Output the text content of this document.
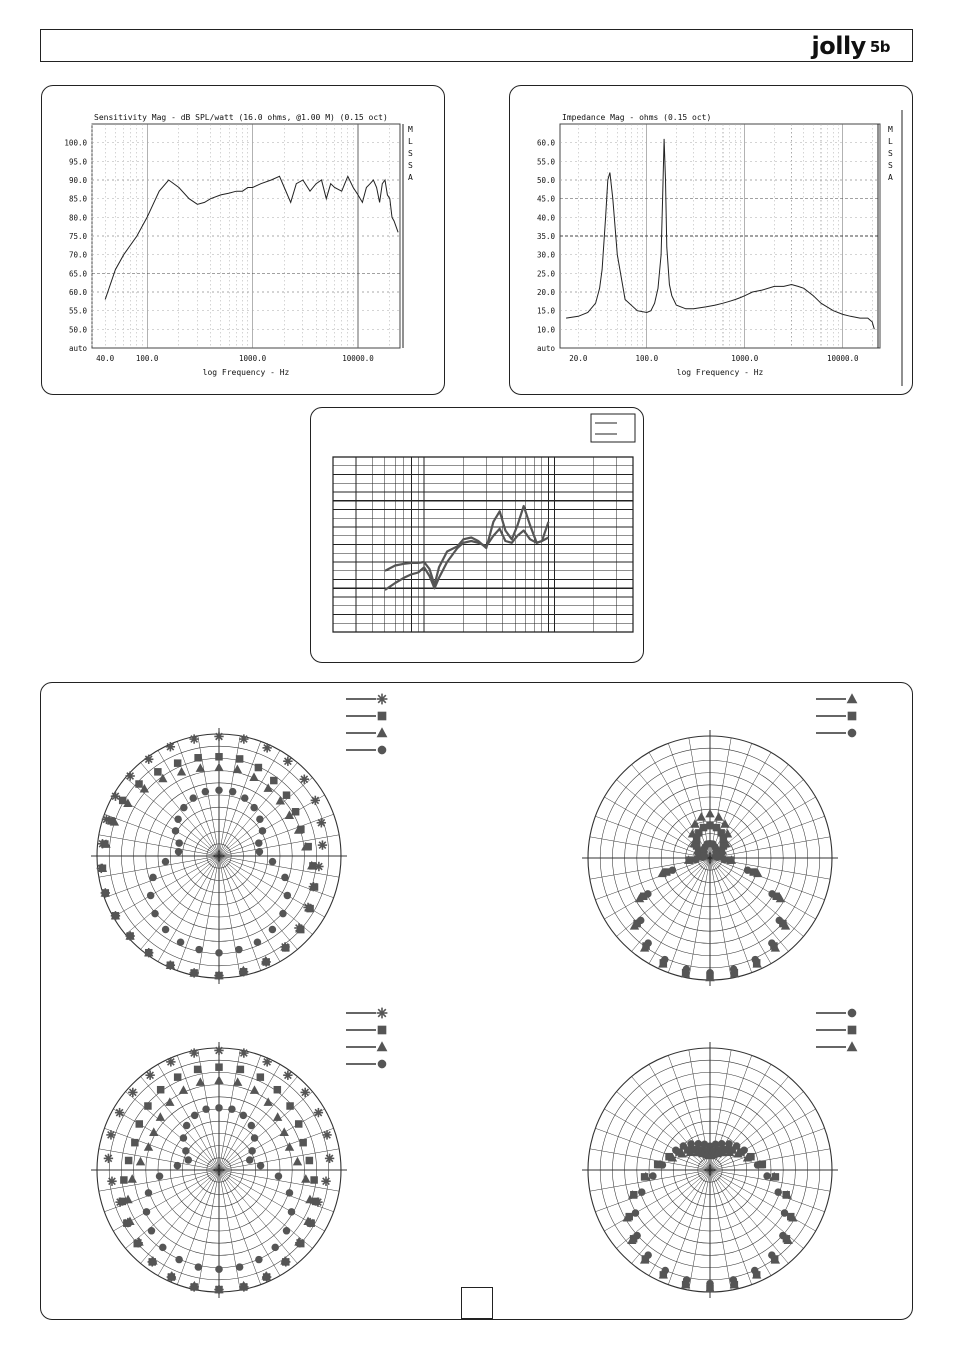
jolly 5b
Sensitivity Mag - dB SPL/watt (16.0 ohms, @1.00 M) (0.15 oct)
100.0
95.0
90.0
85.0
80.0
75.0
70.0
65.0
60.0
55.0
50.0
auto
40.0	100.0	1000.0	10000.0
log Frequency - Hz
M
L
S
S
A
Impedance Mag - ohms (0.15 oct)
60.0
55.0
50.0
45.0
40.0
35.0
30.0
25.0
20.0
15.0
10.0
auto
20.0	100.0	1000.0	10000.0
log Frequency - Hz
M
L
S
S
A
